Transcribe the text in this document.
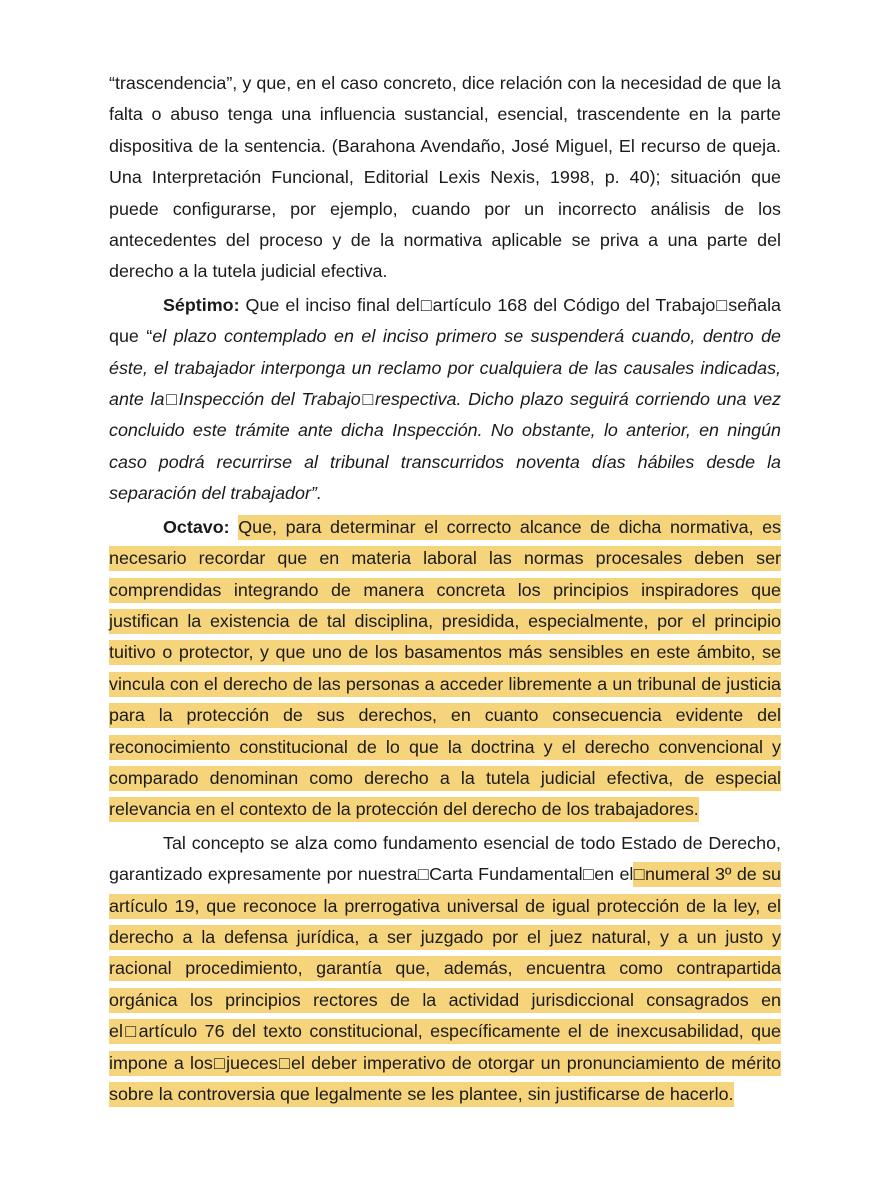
“trascendencia”, y que, en el caso concreto, dice relación con la necesidad de que la falta o abuso tenga una influencia sustancial, esencial, trascendente en la parte dispositiva de la sentencia. (Barahona Avendaño, José Miguel, El recurso de queja. Una Interpretación Funcional, Editorial Lexis Nexis, 1998, p. 40); situación que puede configurarse, por ejemplo, cuando por un incorrecto análisis de los antecedentes del proceso y de la normativa aplicable se priva a una parte del derecho a la tutela judicial efectiva.

Séptimo: Que el inciso final del□artículo 168 del Código del Trabajo□señala que “el plazo contemplado en el inciso primero se suspenderá cuando, dentro de éste, el trabajador interponga un reclamo por cualquiera de las causales indicadas, ante la□Inspección del Trabajo□respectiva. Dicho plazo seguirá corriendo una vez concluido este trámite ante dicha Inspección. No obstante, lo anterior, en ningún caso podrá recurrirse al tribunal transcurridos noventa días hábiles desde la separación del trabajador”.

Octavo: Que, para determinar el correcto alcance de dicha normativa, es necesario recordar que en materia laboral las normas procesales deben ser comprendidas integrando de manera concreta los principios inspiradores que justifican la existencia de tal disciplina, presidida, especialmente, por el principio tuitivo o protector, y que uno de los basamentos más sensibles en este ámbito, se vincula con el derecho de las personas a acceder libremente a un tribunal de justicia para la protección de sus derechos, en cuanto consecuencia evidente del reconocimiento constitucional de lo que la doctrina y el derecho convencional y comparado denominan como derecho a la tutela judicial efectiva, de especial relevancia en el contexto de la protección del derecho de los trabajadores.

Tal concepto se alza como fundamento esencial de todo Estado de Derecho, garantizado expresamente por nuestra□Carta Fundamental□en el□numeral 3º de su artículo 19, que reconoce la prerrogativa universal de igual protección de la ley, el derecho a la defensa jurídica, a ser juzgado por el juez natural, y a un justo y racional procedimiento, garantía que, además, encuentra como contrapartida orgánica los principios rectores de la actividad jurisdiccional consagrados en el□artículo 76 del texto constitucional, específicamente el de inexcusabilidad, que impone a los□jueces□el deber imperativo de otorgar un pronunciamiento de mérito sobre la controversia que legalmente se les plantee, sin justificarse de hacerlo.
